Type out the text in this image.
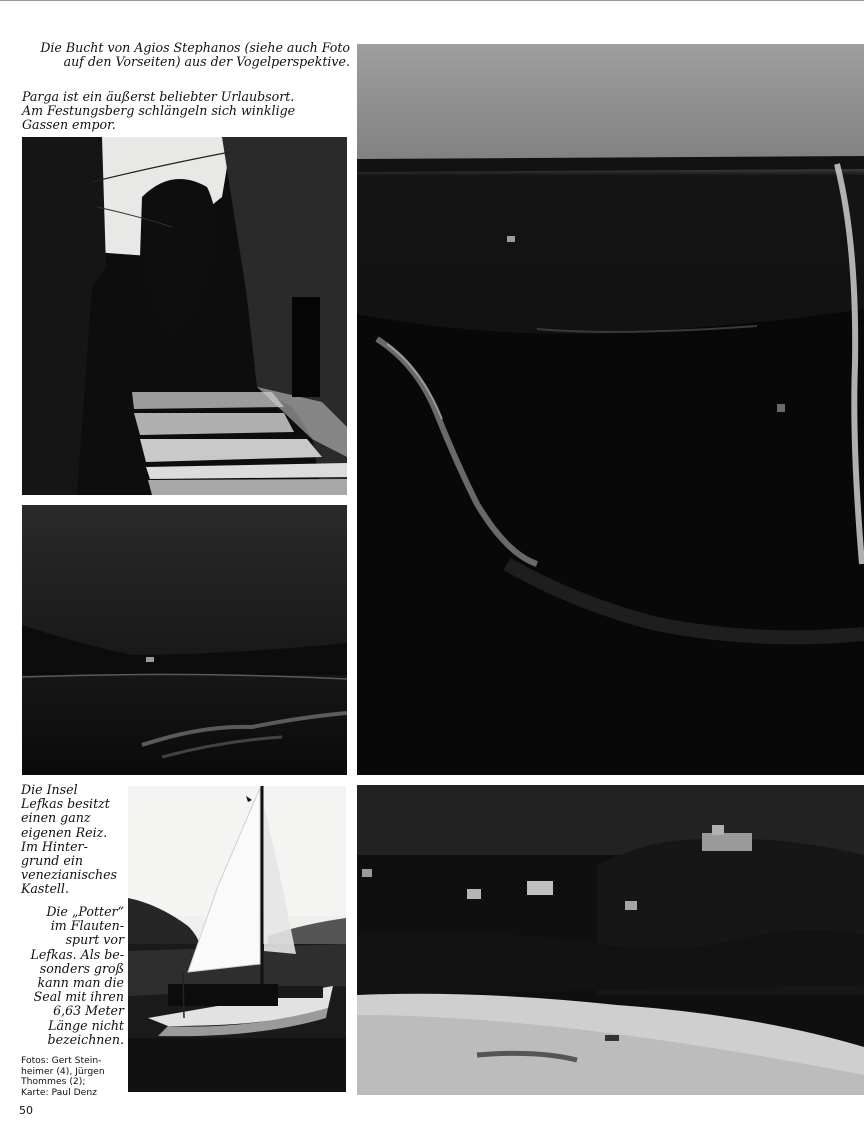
Die Bucht von Agios Stephanos (siehe auch Foto
auf den Vorseiten) aus der Vogelperspektive.
Parga ist ein äußerst beliebter Urlaubsort.
Am Festungsberg schlängeln sich winklige
Gassen empor.
Die Insel
Lefkas besitzt
einen ganz
eigenen Reiz.
Im Hinter-
grund ein
venezianisches
Kastell.
Die „Potter“
im Flauten-
spurt vor
Lefkas. Als be-
sonders groß
kann man die
Seal mit ihren
6,63 Meter
Länge nicht
bezeichnen.
Fotos: Gert Stein-
heimer (4), Jürgen
Thommes (2);
Karte: Paul Denz
50
